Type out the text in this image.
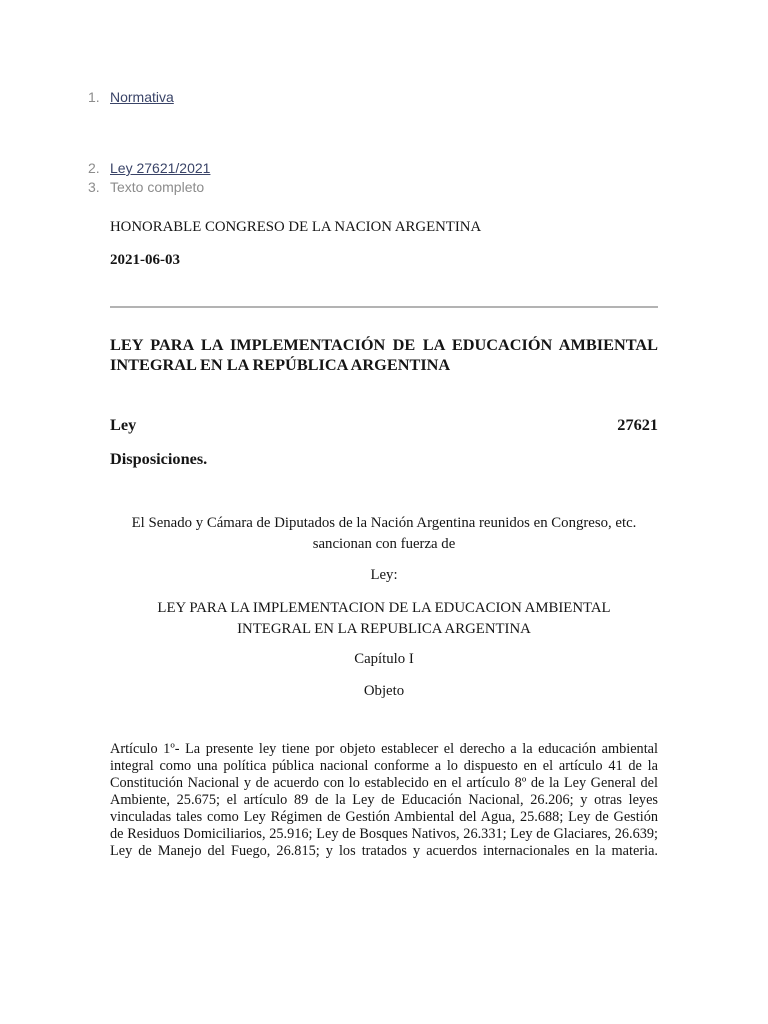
1. Normativa
2. Ley 27621/2021
3. Texto completo

HONORABLE CONGRESO DE LA NACION ARGENTINA

2021-06-03

LEY PARA LA IMPLEMENTACIÓN DE LA EDUCACIÓN AMBIENTAL INTEGRAL EN LA REPÚBLICA ARGENTINA
Ley	27621

Disposiciones.

El Senado y Cámara de Diputados de la Nación Argentina reunidos en Congreso, etc. sancionan con fuerza de

Ley:

LEY PARA LA IMPLEMENTACION DE LA EDUCACION AMBIENTAL INTEGRAL EN LA REPUBLICA ARGENTINA

Capítulo I

Objeto

Artículo 1º- La presente ley tiene por objeto establecer el derecho a la educación ambiental integral como una política pública nacional conforme a lo dispuesto en el artículo 41 de la Constitución Nacional y de acuerdo con lo establecido en el artículo 8º de la Ley General del Ambiente, 25.675; el artículo 89 de la Ley de Educación Nacional, 26.206; y otras leyes vinculadas tales como Ley Régimen de Gestión Ambiental del Agua, 25.688; Ley de Gestión de Residuos Domiciliarios, 25.916; Ley de Bosques Nativos, 26.331; Ley de Glaciares, 26.639; Ley de Manejo del Fuego, 26.815; y los tratados y acuerdos internacionales en la materia.
